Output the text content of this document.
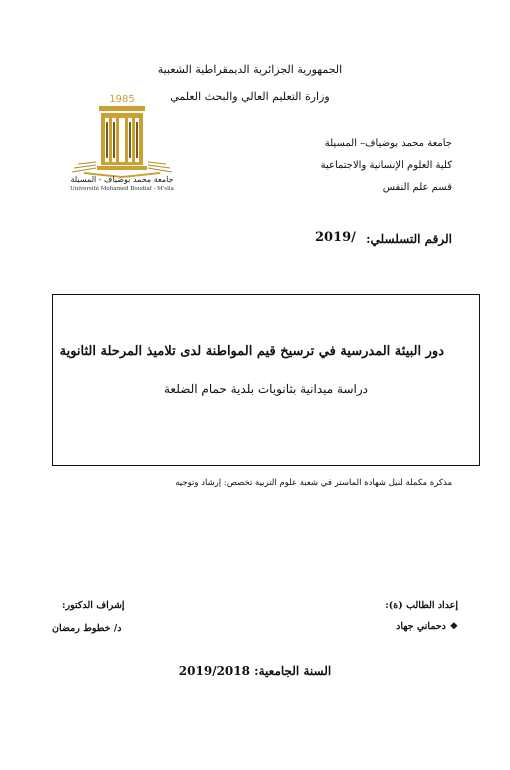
الجمهورية الجزائرية الديمقراطية الشعبية
وزارة التعليم العالي والبحث العلمي
1985
جامعة محمد بوضياف - المسيلة
Université Mohamed Boudiaf - M'sila
جامعة محمد بوضياف– المسيلة
كلية العلوم الإنسانية والاجتماعية
قسم علم النفس
الرقم التسلسلي:
2019/
دور البيئة المدرسية في ترسيخ قيم المواطنة لدى تلاميذ المرحلة الثانوية
دراسة ميدانية بثانويات بلدية حمام الضلعة
مذكرة مكملة لنيل شهادة الماستر في شعبة علوم التربية تخصص: إرشاد وتوجيه
إعداد الطالب (ة):
❖دحماني جهاد
إشراف الدكتور:
د/ خطوط رمضان
السنة الجامعية: 2019/2018
